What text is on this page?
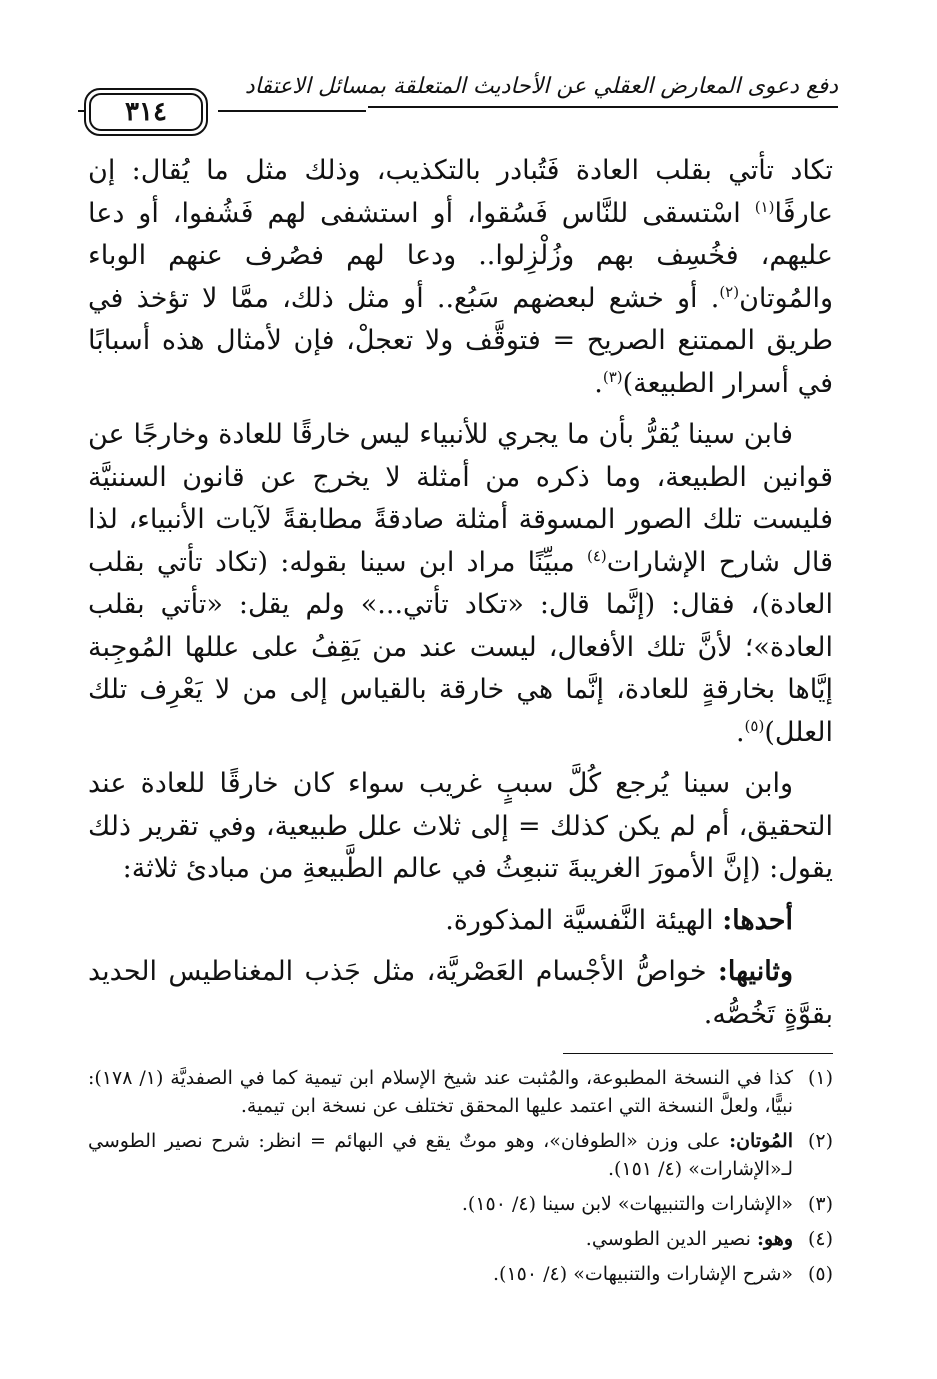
دفع دعوى المعارض العقلي عن الأحاديث المتعلقة بمسائل الاعتقاد
٣١٤

تكاد تأتي بقلب العادة فَتُبادر بالتكذيب، وذلك مثل ما يُقال: إن عارفًا$^{(١)}$ اسْتسقى للنَّاس فَسُقوا، أو استشفى لهم فَشُفوا، أو دعا عليهم، فخُسِف بهم وزُلْزِلوا.. ودعا لهم فصُرف عنهم الوباء والمُوتان$^{(٢)}$. أو خشع لبعضهم سَبُع.. أو مثل ذلك، ممَّا لا تؤخذ في طريق الممتنع الصريح = فتوقَّف ولا تعجلْ، فإن لأمثال هذه أسبابًا في أسرار الطبيعة)$^{(٣)}$.

فابن سينا يُقرُّ بأن ما يجري للأنبياء ليس خارقًا للعادة وخارجًا عن قوانين الطبيعة، وما ذكره من أمثلة لا يخرج عن قانون السننيَّة فليست تلك الصور المسوقة أمثلة صادقةً مطابقةً لآيات الأنبياء، لذا قال شارح الإشارات$^{(٤)}$ مبيِّنًا مراد ابن سينا بقوله: (تكاد تأتي بقلب العادة)، فقال: (إنَّما قال: «تكاد تأتي...» ولم يقل: «تأتي بقلب العادة»؛ لأنَّ تلك الأفعال، ليست عند من يَقِفُ على عللها المُوجِبة إيَّاها بخارقةٍ للعادة، إنَّما هي خارقة بالقياس إلى من لا يَعْرِف تلك العلل)$^{(٥)}$.

وابن سينا يُرجع كُلَّ سببٍ غريب سواء كان خارقًا للعادة عند التحقيق، أم لم يكن كذلك = إلى ثلاث علل طبيعية، وفي تقرير ذلك يقول: (إنَّ الأمورَ الغريبةَ تنبعِثُ في عالم الطَّبيعةِ من مبادئ ثلاثة:

أحدها: الهيئة النَّفسيَّة المذكورة.

وثانيها: خواصُّ الأجْسام العَصْريَّة، مثل جَذب المغناطيس الحديد بقوَّةٍ تَخُصُّه.

(١)
كذا في النسخة المطبوعة، والمُثبت عند شيخ الإسلام ابن تيمية كما في الصفديَّة (١/ ١٧٨): نبيًّا، ولعلَّ النسخة التي اعتمد عليها المحقق تختلف عن نسخة ابن تيمية.
(٢)
المُوتان: على وزن «الطوفان»، وهو موتٌ يقع في البهائم = انظر: شرح نصير الطوسي لـ«الإشارات» (٤/ ١٥١).
(٣)
«الإشارات والتنبيهات» لابن سينا (٤/ ١٥٠).
(٤)
وهو: نصير الدين الطوسي.
(٥)
«شرح الإشارات والتنبيهات» (٤/ ١٥٠).
